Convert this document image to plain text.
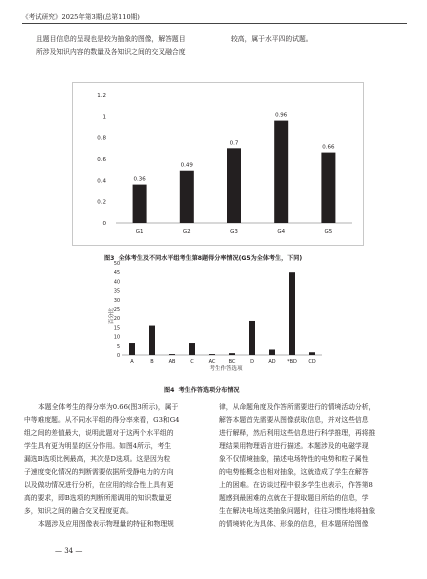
《考试研究》2025年第3期(总第110期)
且题目信息的呈现也是较为抽象的图像，解答题目
所涉及知识内容的数量及各知识之间的交叉融合度
较高，属于水平四的试题。
1.2
1
0.8
0.6
0.4
0.2
0
0.36
G1
0.49
G2
0.7
G3
0.96
G4
0.66
G5
图3 全体考生及不同水平组考生第8题得分率情况(G5为全体考生，下同)
50
45
40
35
30
25
20
15
10
5
0
百分比
考生作答选项
A	B	AB	C	AC	BC	D	AD *BD CD
图4 考生作答选项分布情况
本题全体考生的得分率为0.66(图3所示)，属于
中等难度题。从不同水平组的得分率来看，G3和G4
组之间的差值最大，说明此题对于这两个水平组的
学生具有更为明显的区分作用。如图4所示，考生
漏选B选项比例最高，其次是D选项。这是因为粒
子速度变化情况的判断需要依据所受静电力的方向
以及做功情况进行分析，在应用的综合性上具有更
高的要求，即B选项的判断所需调用的知识数量更
多，知识之间的融合交叉程度更高。
本题涉及应用图像表示物理量的特征和物理规
律，从命题角度及作答所需要进行的情境活动分析，
解答本题首先需要从图像获取信息，并对这些信息
进行解释，然后利用这些信息进行科学推理，再将推
理结果用物理语言进行描述。本题涉及的电磁学现
象不仅情境抽象，描述电场特性的电势和粒子属性
的电势能概念也相对抽象，这就造成了学生在解答
上的困难。在访谈过程中很多学生也表示，作答第8
题感到最困难的点就在于提取题目所给的信息，学
生在解决电场这类抽象问题时，往往习惯性地将抽象
的情境转化为具体、形象的信息，但本题所给图像
— 34 —
